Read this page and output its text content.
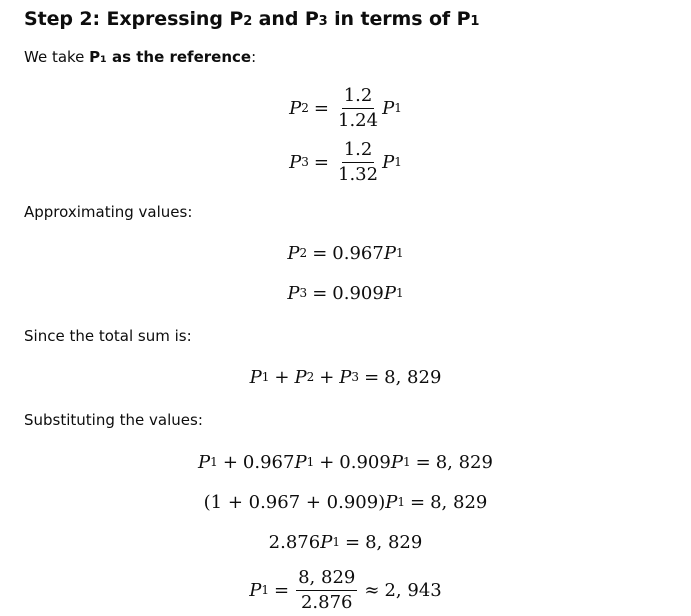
Step 2: Expressing P2 and P3 in terms of P1
We take P₁ as the reference:
P $2 = \frac{1.2}{1.24}$ P 1
P $3 = \frac{1.2}{1.32}$ P 1
Approximating values:
P 2 = 0.967 P 1
P 3 = 0.909 P 1
Since the total sum is:
P 1 + P 2 + P 3 = 8, 829
Substituting the values:
P 1 + 0.967 P 1 + 0.909 P 1 = 8, 829
(1 + 0.967 + 0.909) P 1 = 8, 829
2.876 P 1 = 8, 829
P $1 = \frac{8, 829}{2.876} \approx 2$, 943
